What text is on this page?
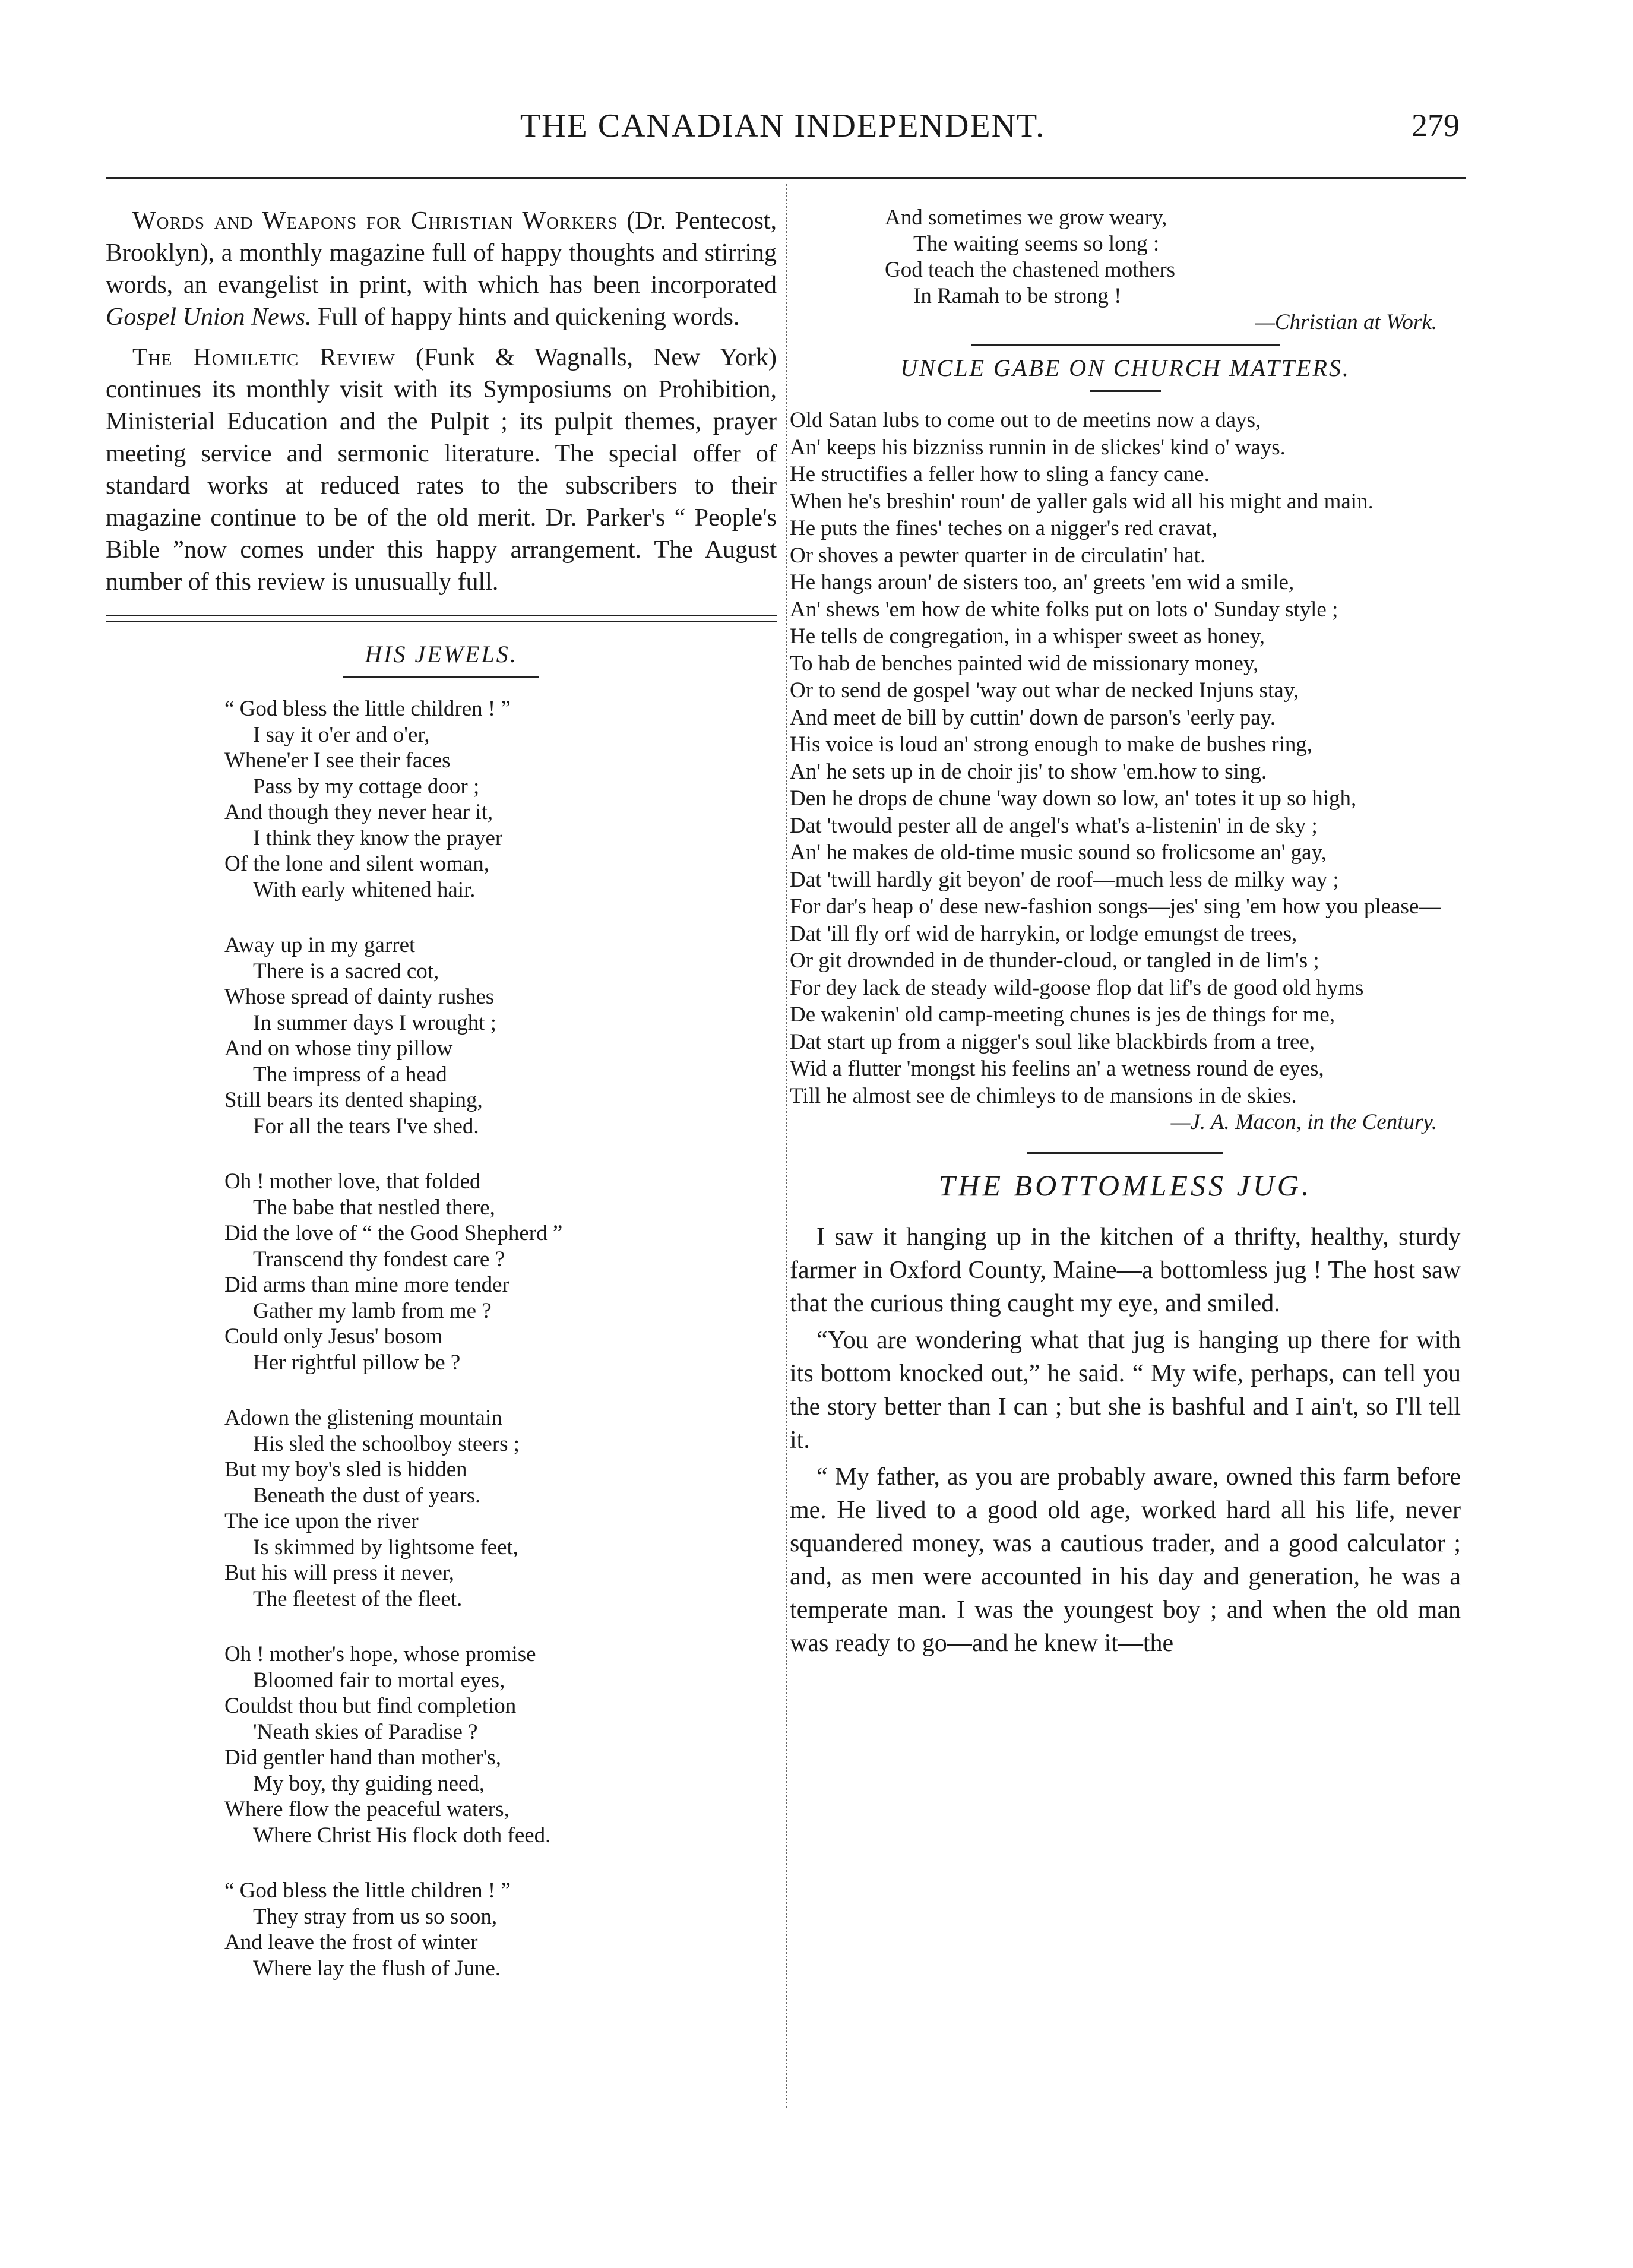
THE CANADIAN INDEPENDENT.	279

Words and Weapons for Christian Workers (Dr. Pentecost, Brooklyn), a monthly magazine full of happy thoughts and stirring words, an evangelist in print, with which has been incorporated Gospel Union News. Full of happy hints and quickening words.

The Homiletic Review (Funk & Wagnalls, New York) continues its monthly visit with its Symposiums on Prohibition, Ministerial Education and the Pulpit ; its pulpit themes, prayer meeting service and sermonic literature. The special offer of standard works at reduced rates to the subscribers to their magazine continue to be of the old merit. Dr. Parker's “ People's Bible ”now comes under this happy arrangement. The August number of this review is unusually full.

HIS JEWELS.
“ God bless the little children ! ”
I say it o'er and o'er,
Whene'er I see their faces
Pass by my cottage door ;
And though they never hear it,
I think they know the prayer
Of the lone and silent woman,
With early whitened hair.
Away up in my garret
There is a sacred cot,
Whose spread of dainty rushes
In summer days I wrought ;
And on whose tiny pillow
The impress of a head
Still bears its dented shaping,
For all the tears I've shed.
Oh ! mother love, that folded
The babe that nestled there,
Did the love of “ the Good Shepherd ”
Transcend thy fondest care ?
Did arms than mine more tender
Gather my lamb from me ?
Could only Jesus' bosom
Her rightful pillow be ?
Adown the glistening mountain
His sled the schoolboy steers ;
But my boy's sled is hidden
Beneath the dust of years.
The ice upon the river
Is skimmed by lightsome feet,
But his will press it never,
The fleetest of the fleet.
Oh ! mother's hope, whose promise
Bloomed fair to mortal eyes,
Couldst thou but find completion
'Neath skies of Paradise ?
Did gentler hand than mother's,
My boy, thy guiding need,
Where flow the peaceful waters,
Where Christ His flock doth feed.
“ God bless the little children ! ”
They stray from us so soon,
And leave the frost of winter
Where lay the flush of June.
And sometimes we grow weary,
The waiting seems so long :
God teach the chastened mothers
In Ramah to be strong !
—Christian at Work.
UNCLE GABE ON CHURCH MATTERS.
Old Satan lubs to come out to de meetins now a days,
An' keeps his bizzniss runnin in de slickes' kind o' ways.
He structifies a feller how to sling a fancy cane.
When he's breshin' roun' de yaller gals wid all his might and main.
He puts the fines' teches on a nigger's red cravat,
Or shoves a pewter quarter in de circulatin' hat.
He hangs aroun' de sisters too, an' greets 'em wid a smile,
An' shews 'em how de white folks put on lots o' Sunday style ;
He tells de congregation, in a whisper sweet as honey,
To hab de benches painted wid de missionary money,
Or to send de gospel 'way out whar de necked Injuns stay,
And meet de bill by cuttin' down de parson's 'eerly pay.
His voice is loud an' strong enough to make de bushes ring,
An' he sets up in de choir jis' to show 'em.how to sing.
Den he drops de chune 'way down so low, an' totes it up so high,
Dat 'twould pester all de angel's what's a-listenin' in de sky ;
An' he makes de old-time music sound so frolicsome an' gay,
Dat 'twill hardly git beyon' de roof—much less de milky way ;
For dar's heap o' dese new-fashion songs—jes' sing 'em how you please—
Dat 'ill fly orf wid de harrykin, or lodge emungst de trees,
Or git drownded in de thunder-cloud, or tangled in de lim's ;
For dey lack de steady wild-goose flop dat lif's de good old hyms
De wakenin' old camp-meeting chunes is jes de things for me,
Dat start up from a nigger's soul like blackbirds from a tree,
Wid a flutter 'mongst his feelins an' a wetness round de eyes,
Till he almost see de chimleys to de mansions in de skies.
—J. A. Macon, in the Century.
THE BOTTOMLESS JUG.

I saw it hanging up in the kitchen of a thrifty, healthy, sturdy farmer in Oxford County, Maine—a bottomless jug ! The host saw that the curious thing caught my eye, and smiled.

“You are wondering what that jug is hanging up there for with its bottom knocked out,” he said. “ My wife, perhaps, can tell you the story better than I can ; but she is bashful and I ain't, so I'll tell it.

“ My father, as you are probably aware, owned this farm before me. He lived to a good old age, worked hard all his life, never squandered money, was a cautious trader, and a good calculator ; and, as men were accounted in his day and generation, he was a temperate man. I was the youngest boy ; and when the old man was ready to go—and he knew it—the
